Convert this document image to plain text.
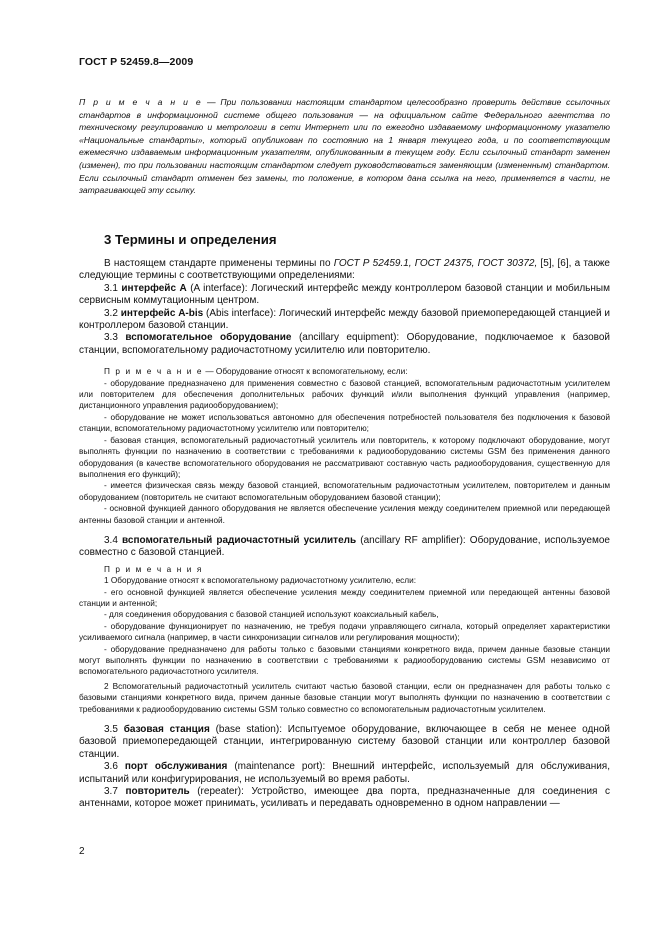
ГОСТ Р 52459.8—2009
П р и м е ч а н и е — При пользовании настоящим стандартом целесообразно проверить действие ссылочных стандартов в информационной системе общего пользования — на официальном сайте Федерального агентства по техническому регулированию и метрологии в сети Интернет или по ежегодно издаваемому информационному указателю «Национальные стандарты», который опубликован по состоянию на 1 января текущего года, и по соответствующим ежемесячно издаваемым информационным указателям, опубликованным в текущем году. Если ссылочный стандарт заменен (изменен), то при пользовании настоящим стандартом следует руководствоваться заменяющим (измененным) стандартом. Если ссылочный стандарт отменен без замены, то положение, в котором дана ссылка на него, применяется в части, не затрагивающей эту ссылку.
3 Термины и определения

В настоящем стандарте применены термины по ГОСТ Р 52459.1, ГОСТ 24375, ГОСТ 30372, [5], [6], а также следующие термины с соответствующими определениями:

3.1 интерфейс А (A interface): Логический интерфейс между контроллером базовой станции и мобильным сервисным коммутационным центром.

3.2 интерфейс A-bis (Abis interface): Логический интерфейс между базовой приемопередающей станцией и контроллером базовой станции.

3.3 вспомогательное оборудование (ancillary equipment): Оборудование, подключаемое к базовой станции, вспомогательному радиочастотному усилителю или повторителю.

П р и м е ч а н и е — Оборудование относят к вспомогательному, если:

- оборудование предназначено для применения совместно с базовой станцией, вспомогательным радиочастотным усилителем или повторителем для обеспечения дополнительных рабочих функций и/или выполнения функций управления (например, дистанционного управления радиооборудованием);

- оборудование не может использоваться автономно для обеспечения потребностей пользователя без подключения к базовой станции, вспомогательному радиочастотному усилителю или повторителю;

- базовая станция, вспомогательный радиочастотный усилитель или повторитель, к которому подключают оборудование, могут выполнять функции по назначению в соответствии с требованиями к радиооборудованию системы GSM без применения данного оборудования (в качестве вспомогательного оборудования не рассматривают составную часть радиооборудования, существенную для выполнения его функций);

- имеется физическая связь между базовой станцией, вспомогательным радиочастотным усилителем, повторителем и данным оборудованием (повторитель не считают вспомогательным оборудованием базовой станции);

- основной функцией данного оборудования не является обеспечение усиления между соединителем приемной или передающей антенны базовой станции и антенной.

3.4 вспомогательный радиочастотный усилитель (ancillary RF amplifier): Оборудование, используемое совместно с базовой станцией.

П р и м е ч а н и я

1 Оборудование относят к вспомогательному радиочастотному усилителю, если:

- его основной функцией является обеспечение усиления между соединителем приемной или передающей антенны базовой станции и антенной;

- для соединения оборудования с базовой станцией используют коаксиальный кабель,

- оборудование функционирует по назначению, не требуя подачи управляющего сигнала, который определяет характеристики усиливаемого сигнала (например, в части синхронизации сигналов или регулирования мощности);

- оборудование предназначено для работы только с базовыми станциями конкретного вида, причем данные базовые станции могут выполнять функции по назначению в соответствии с требованиями к радиооборудованию системы GSM независимо от вспомогательного радиочастотного усилителя.

2 Вспомогательный радиочастотный усилитель считают частью базовой станции, если он предназначен для работы только с базовыми станциями конкретного вида, причем данные базовые станции могут выполнять функции по назначению в соответствии с требованиями к радиооборудованию системы GSM только совместно со вспомогательным радиочастотным усилителем.

3.5 базовая станция (base station): Испытуемое оборудование, включающее в себя не менее одной базовой приемопередающей станции, интегрированную систему базовой станции или контроллер базовой станции.

3.6 порт обслуживания (maintenance port): Внешний интерфейс, используемый для обслуживания, испытаний или конфигурирования, не используемый во время работы.

3.7 повторитель (repeater): Устройство, имеющее два порта, предназначенные для соединения с антеннами, которое может принимать, усиливать и передавать одновременно в одном направлении —

2
